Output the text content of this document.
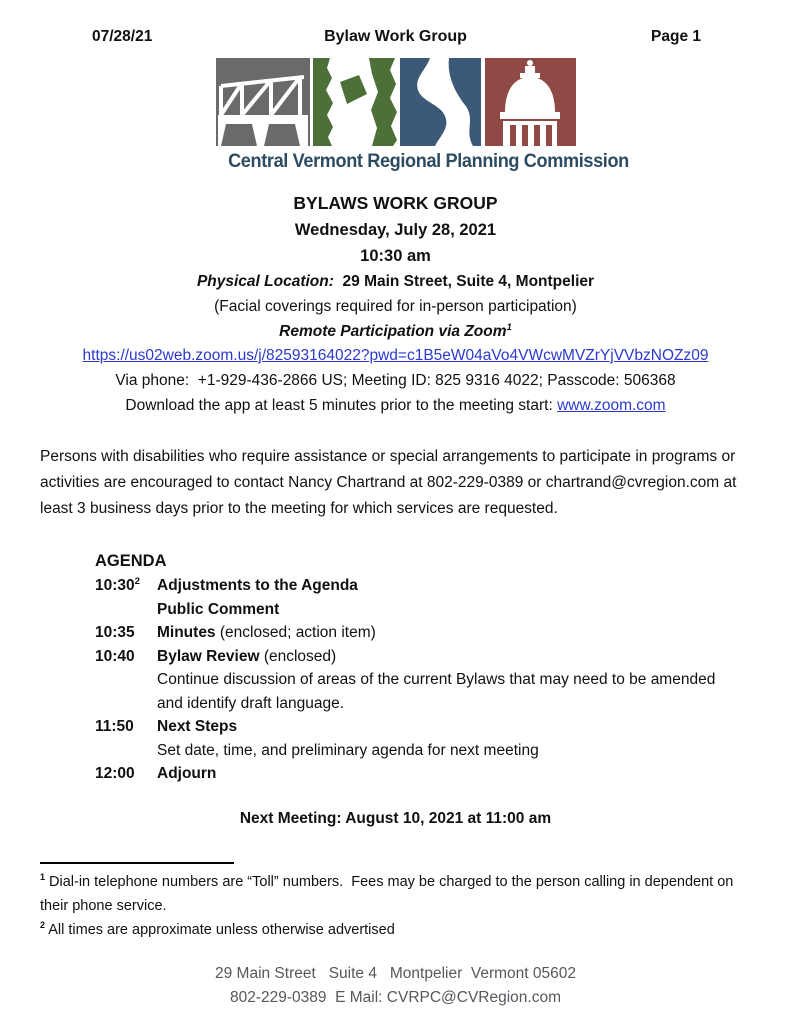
07/28/21	Bylaw Work Group	Page 1
Central Vermont Regional Planning Commission
BYLAWS WORK GROUP
Wednesday, July 28, 2021
10:30 am
Physical Location:  29 Main Street, Suite 4, Montpelier
(Facial coverings required for in-person participation)
Remote Participation via Zoom$^1$
https://us02web.zoom.us/j/82593164022?pwd=c1B5eW04aVo4VWcwMVZrYjVVbzNOZz09
Via phone:  +1-929-436-2866 US; Meeting ID: 825 9316 4022; Passcode: 506368
Download the app at least 5 minutes prior to the meeting start: www.zoom.com
Persons with disabilities who require assistance or special arrangements to participate in programs or activities are encouraged to contact Nancy Chartrand at 802-229-0389 or chartrand@cvregion.com at least 3 business days prior to the meeting for which services are requested.
AGENDA
$10:30^2$	Adjustments to the Agenda
Public Comment
10:35	Minutes (enclosed; action item)
10:40	Bylaw Review (enclosed)
Continue discussion of areas of the current Bylaws that may need to be amended and identify draft language.
11:50	Next Steps
Set date, time, and preliminary agenda for next meeting
12:00	Adjourn
Next Meeting: August 10, 2021 at 11:00 am
$^1$ Dial-in telephone numbers are “Toll” numbers.  Fees may be charged to the person calling in dependent on their phone service.
$^2$ All times are approximate unless otherwise advertised
29 Main Street   Suite 4   Montpelier  Vermont 05602
802-229-0389  E Mail: CVRPC@CVRegion.com
